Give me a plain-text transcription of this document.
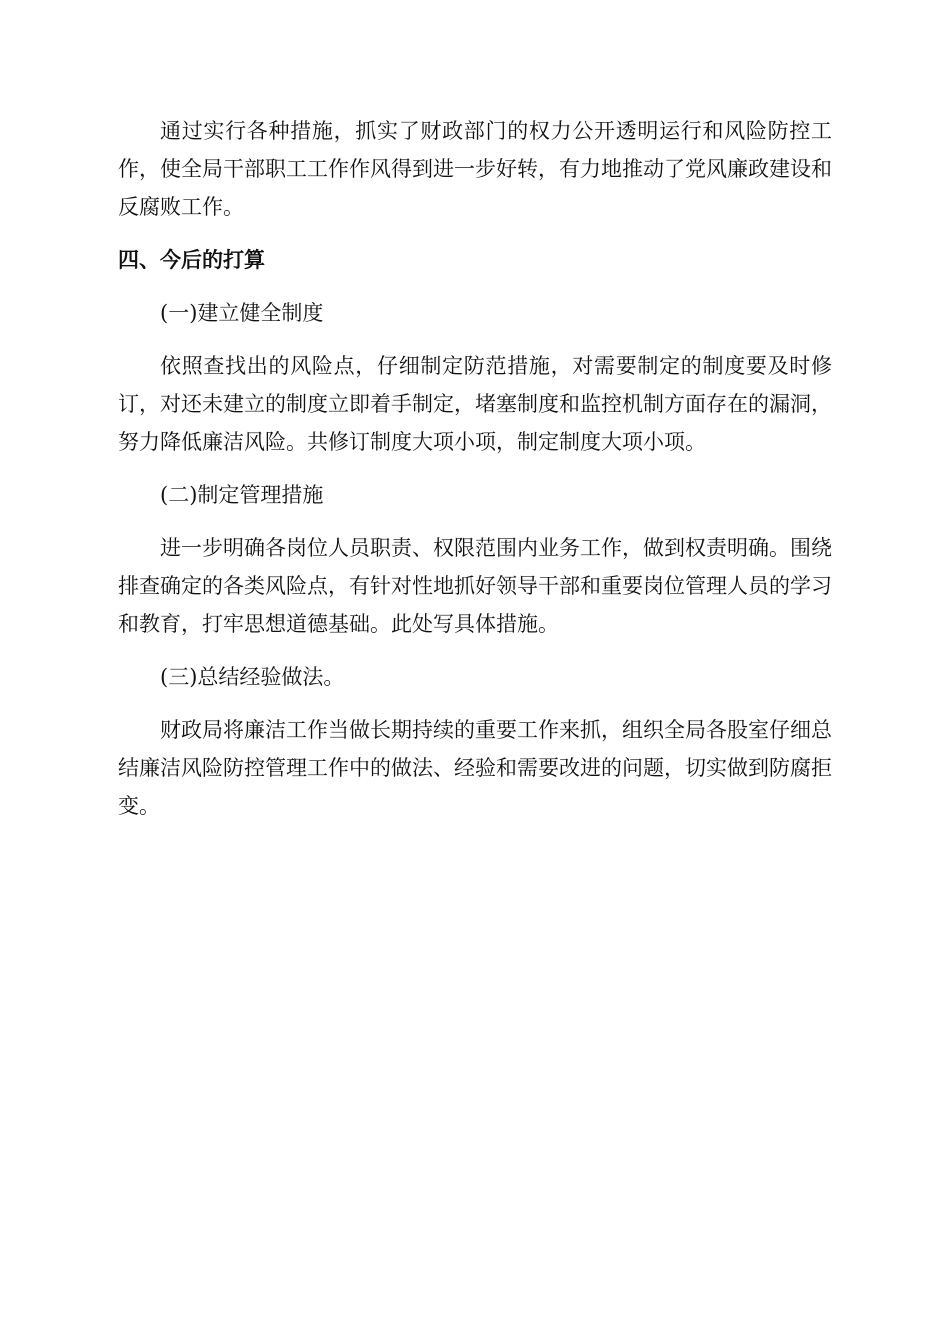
通过实行各种措施，抓实了财政部门的权力公开透明运行和风险防控工作，使全局干部职工工作作风得到进一步好转，有力地推动了党风廉政建设和反腐败工作。

四、今后的打算

(一)建立健全制度

依照查找出的风险点，仔细制定防范措施，对需要制定的制度要及时修订，对还未建立的制度立即着手制定，堵塞制度和监控机制方面存在的漏洞，努力降低廉洁风险。共修订制度大项小项，制定制度大项小项。

(二)制定管理措施

进一步明确各岗位人员职责、权限范围内业务工作，做到权责明确。围绕排查确定的各类风险点，有针对性地抓好领导干部和重要岗位管理人员的学习和教育，打牢思想道德基础。此处写具体措施。

(三)总结经验做法。

财政局将廉洁工作当做长期持续的重要工作来抓，组织全局各股室仔细总结廉洁风险防控管理工作中的做法、经验和需要改进的问题，切实做到防腐拒变。
